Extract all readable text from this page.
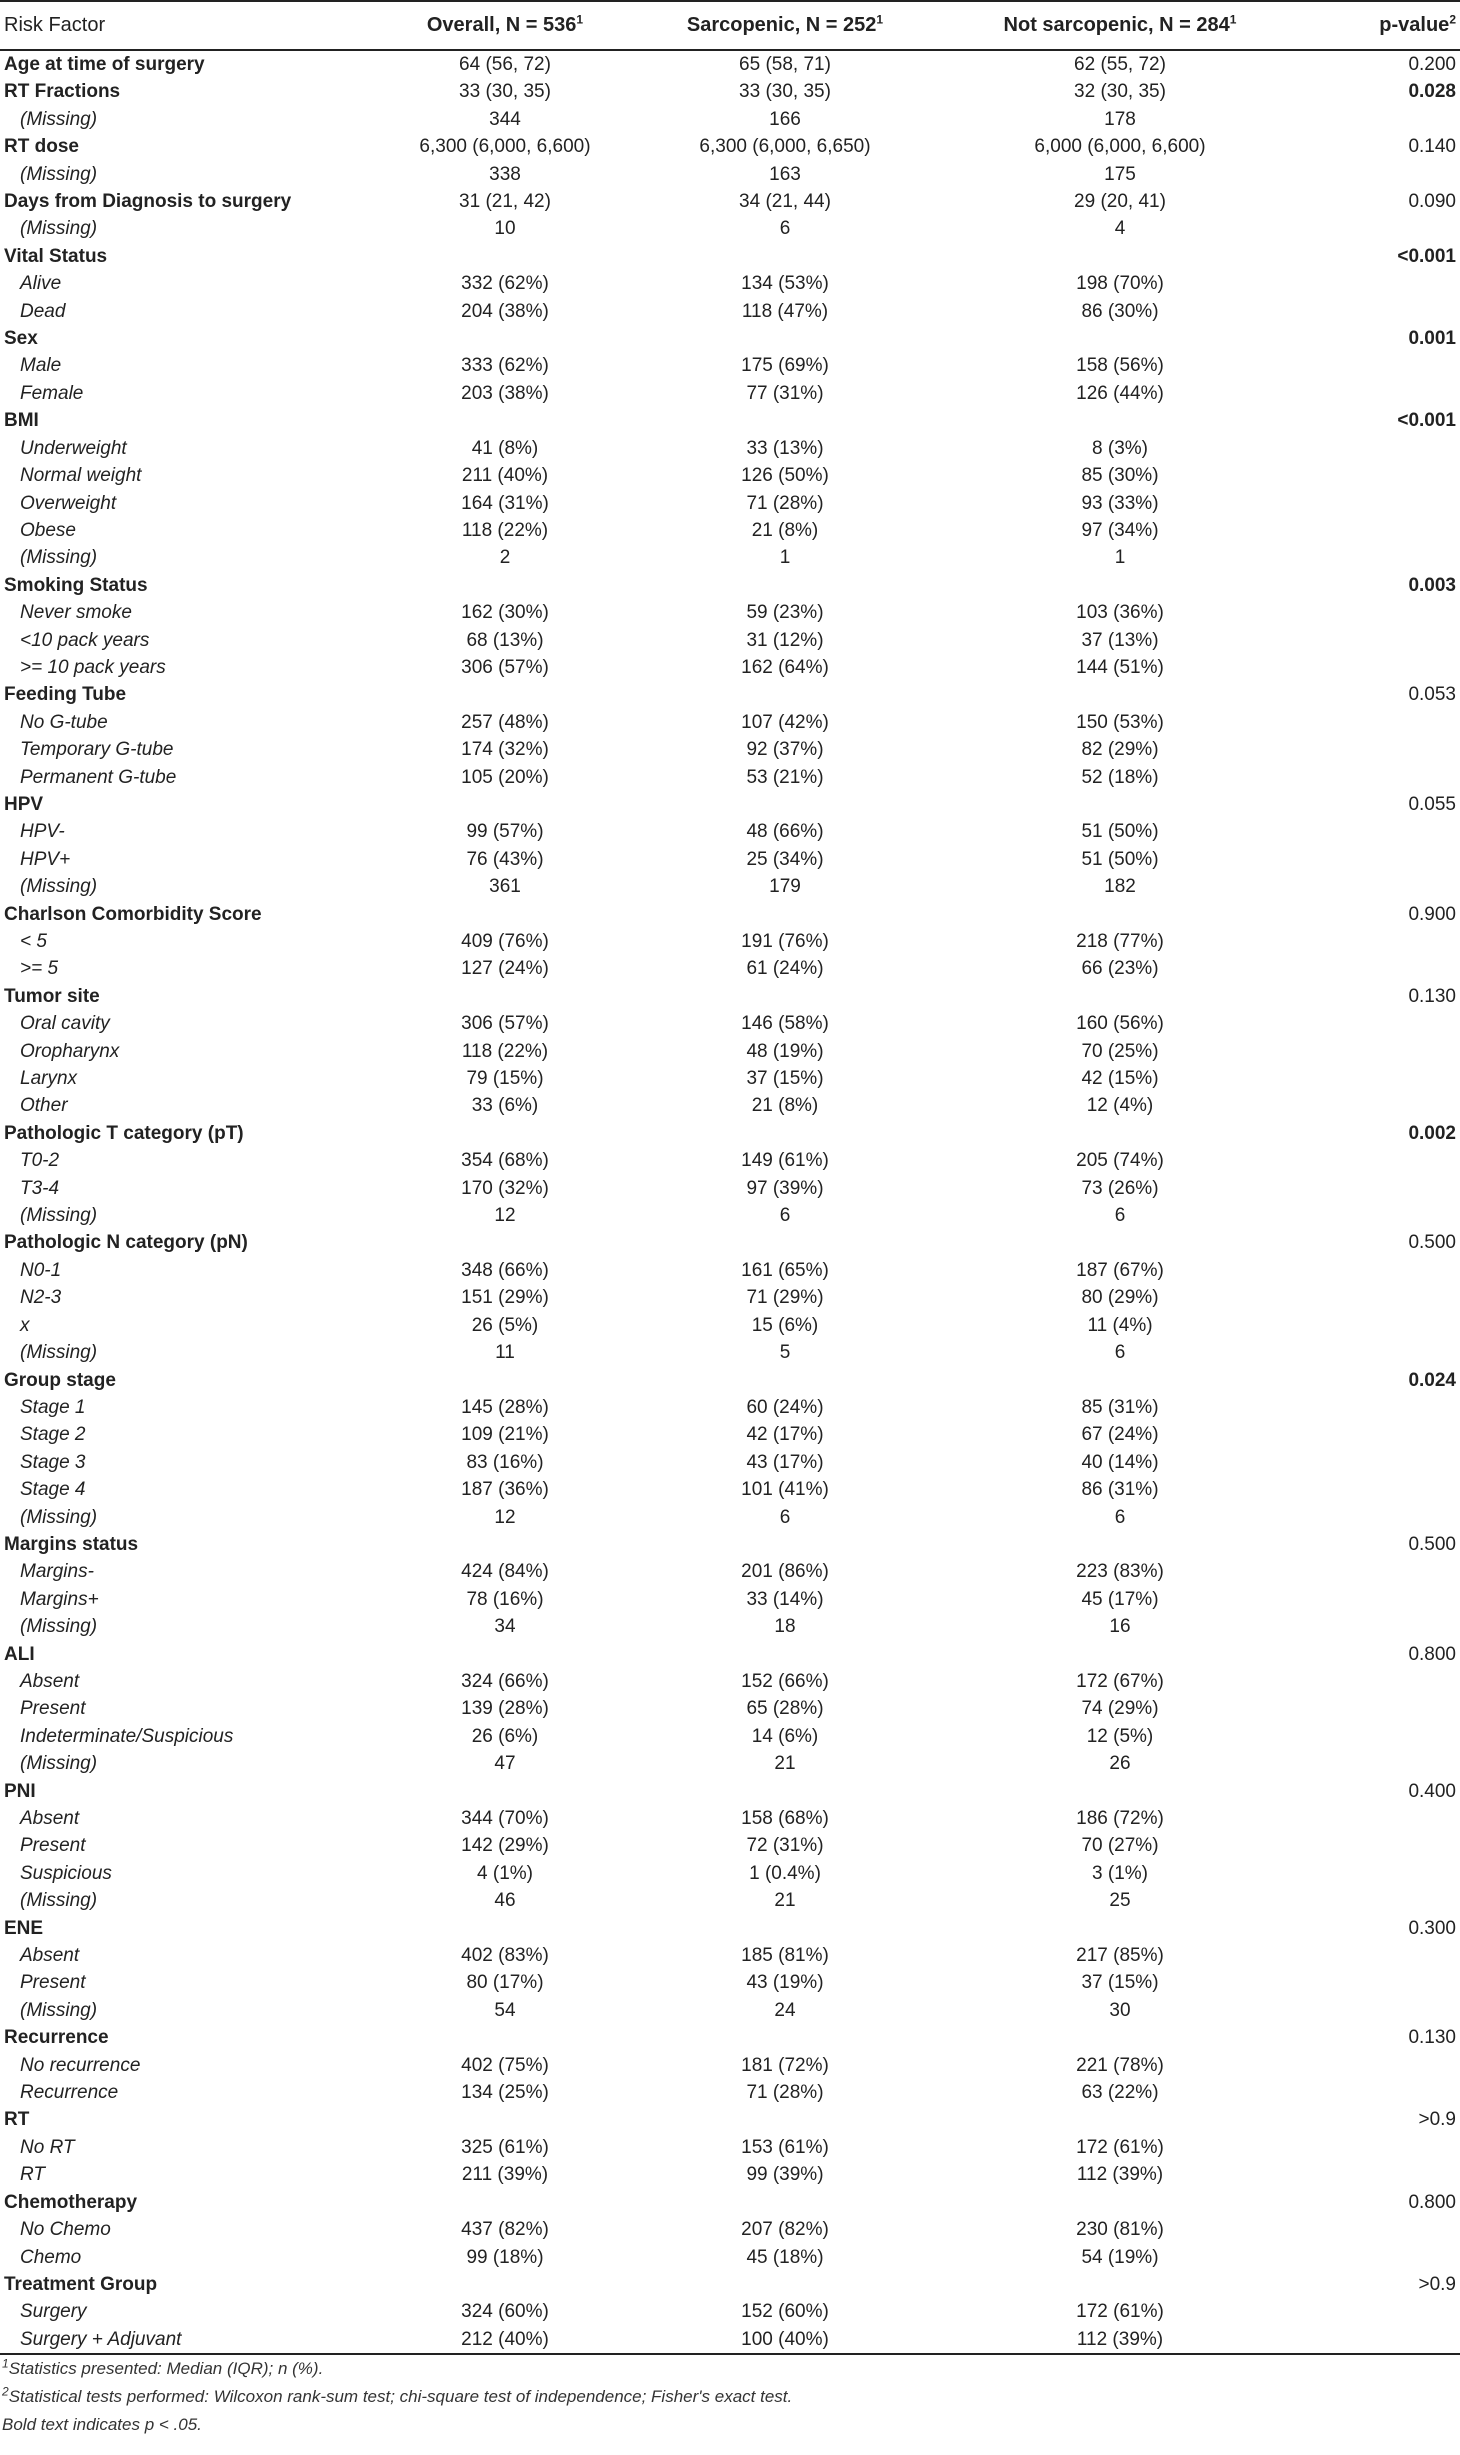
Risk Factor	Overall, $N = 536^1$	Sarcopenic, $N = 252^1$	Not sarcopenic, $N = 284^1$	p-value$^2$
Age at time of surgery	64 (56, 72)	65 (58, 71)	62 (55, 72)	0.200
RT Fractions	33 (30, 35)	33 (30, 35)	32 (30, 35)	0.028
(Missing)	344	166	178	
RT dose	6,300 (6,000, 6,600)	6,300 (6,000, 6,650)	6,000 (6,000, 6,600)	0.140
(Missing)	338	163	175	
Days from Diagnosis to surgery	31 (21, 42)	34 (21, 44)	29 (20, 41)	0.090
(Missing)	10	6	4	
Vital Status				<0.001
Alive	332 (62%)	134 (53%)	198 (70%)	
Dead	204 (38%)	118 (47%)	86 (30%)	
Sex				0.001
Male	333 (62%)	175 (69%)	158 (56%)	
Female	203 (38%)	77 (31%)	126 (44%)	
BMI				<0.001
Underweight	41 (8%)	33 (13%)	8 (3%)	
Normal weight	211 (40%)	126 (50%)	85 (30%)	
Overweight	164 (31%)	71 (28%)	93 (33%)	
Obese	118 (22%)	21 (8%)	97 (34%)	
(Missing)	2	1	1	
Smoking Status				0.003
Never smoke	162 (30%)	59 (23%)	103 (36%)	
<10 pack years	68 (13%)	31 (12%)	37 (13%)	
>= 10 pack years	306 (57%)	162 (64%)	144 (51%)	
Feeding Tube				0.053
No G-tube	257 (48%)	107 (42%)	150 (53%)	
Temporary G-tube	174 (32%)	92 (37%)	82 (29%)	
Permanent G-tube	105 (20%)	53 (21%)	52 (18%)	
HPV				0.055
HPV-	99 (57%)	48 (66%)	51 (50%)	
HPV+	76 (43%)	25 (34%)	51 (50%)	
(Missing)	361	179	182	
Charlson Comorbidity Score				0.900
< 5	409 (76%)	191 (76%)	218 (77%)	
>= 5	127 (24%)	61 (24%)	66 (23%)	
Tumor site				0.130
Oral cavity	306 (57%)	146 (58%)	160 (56%)	
Oropharynx	118 (22%)	48 (19%)	70 (25%)	
Larynx	79 (15%)	37 (15%)	42 (15%)	
Other	33 (6%)	21 (8%)	12 (4%)	
Pathologic T category (pT)				0.002
T0-2	354 (68%)	149 (61%)	205 (74%)	
T3-4	170 (32%)	97 (39%)	73 (26%)	
(Missing)	12	6	6	
Pathologic N category (pN)				0.500
N0-1	348 (66%)	161 (65%)	187 (67%)	
N2-3	151 (29%)	71 (29%)	80 (29%)	
x	26 (5%)	15 (6%)	11 (4%)	
(Missing)	11	5	6	
Group stage				0.024
Stage 1	145 (28%)	60 (24%)	85 (31%)	
Stage 2	109 (21%)	42 (17%)	67 (24%)	
Stage 3	83 (16%)	43 (17%)	40 (14%)	
Stage 4	187 (36%)	101 (41%)	86 (31%)	
(Missing)	12	6	6	
Margins status				0.500
Margins-	424 (84%)	201 (86%)	223 (83%)	
Margins+	78 (16%)	33 (14%)	45 (17%)	
(Missing)	34	18	16	
ALI				0.800
Absent	324 (66%)	152 (66%)	172 (67%)	
Present	139 (28%)	65 (28%)	74 (29%)	
Indeterminate/Suspicious	26 (6%)	14 (6%)	12 (5%)	
(Missing)	47	21	26	
PNI				0.400
Absent	344 (70%)	158 (68%)	186 (72%)	
Present	142 (29%)	72 (31%)	70 (27%)	
Suspicious	4 (1%)	1 (0.4%)	3 (1%)	
(Missing)	46	21	25	
ENE				0.300
Absent	402 (83%)	185 (81%)	217 (85%)	
Present	80 (17%)	43 (19%)	37 (15%)	
(Missing)	54	24	30	
Recurrence				0.130
No recurrence	402 (75%)	181 (72%)	221 (78%)	
Recurrence	134 (25%)	71 (28%)	63 (22%)	
RT				>0.9
No RT	325 (61%)	153 (61%)	172 (61%)	
RT	211 (39%)	99 (39%)	112 (39%)	
Chemotherapy				0.800
No Chemo	437 (82%)	207 (82%)	230 (81%)	
Chemo	99 (18%)	45 (18%)	54 (19%)	
Treatment Group				>0.9
Surgery	324 (60%)	152 (60%)	172 (61%)	
Surgery + Adjuvant	212 (40%)	100 (40%)	112 (39%)	
$^1$Statistics presented: Median (IQR); n (%).
$^2$Statistical tests performed: Wilcoxon rank-sum test; chi-square test of independence; Fisher's exact test.
Bold text indicates p < .05.
